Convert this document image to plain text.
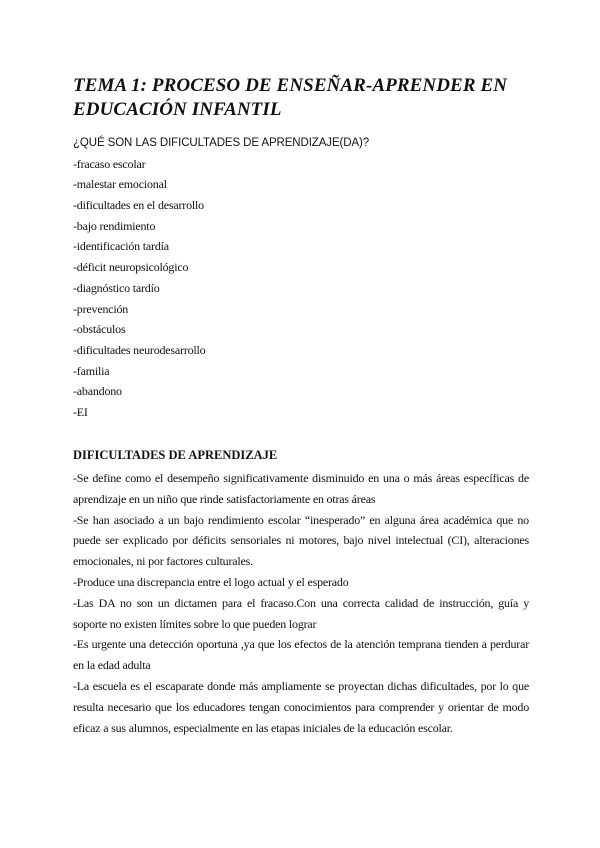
TEMA 1: PROCESO DE ENSEÑAR-APRENDER EN EDUCACIÓN INFANTIL
¿QUÉ SON LAS DIFICULTADES DE APRENDIZAJE(DA)?
-fracaso escolar
-malestar emocional
-dificultades en el desarrollo
-bajo rendimiento
-identificación tardía
-déficit neuropsicológico
-diagnóstico tardío
-prevención
-obstáculos
-dificultades neurodesarrollo
-familia
-abandono
-EI
DIFICULTADES DE APRENDIZAJE

-Se define como el desempeño significativamente disminuido en una o más áreas específicas de aprendizaje en un niño que rinde satisfactoriamente en otras áreas

-Se han asociado a un bajo rendimiento escolar “inesperado” en alguna área académica que no puede ser explicado por déficits sensoriales ni motores, bajo nivel intelectual (CI), alteraciones emocionales, ni por factores culturales.

-Produce una discrepancia entre el logo actual y el esperado

-Las DA no son un dictamen para el fracaso.Con una correcta calidad de instrucción, guía y soporte no existen límites sobre lo que pueden lograr

-Es urgente una detección oportuna ,ya que los efectos de la atención temprana tienden a perdurar en la edad adulta

-La escuela es el escaparate donde más ampliamente se proyectan dichas dificultades, por lo que resulta necesario que los educadores tengan conocimientos para comprender y orientar de modo eficaz a sus alumnos, especialmente en las etapas iniciales de la educación escolar.
